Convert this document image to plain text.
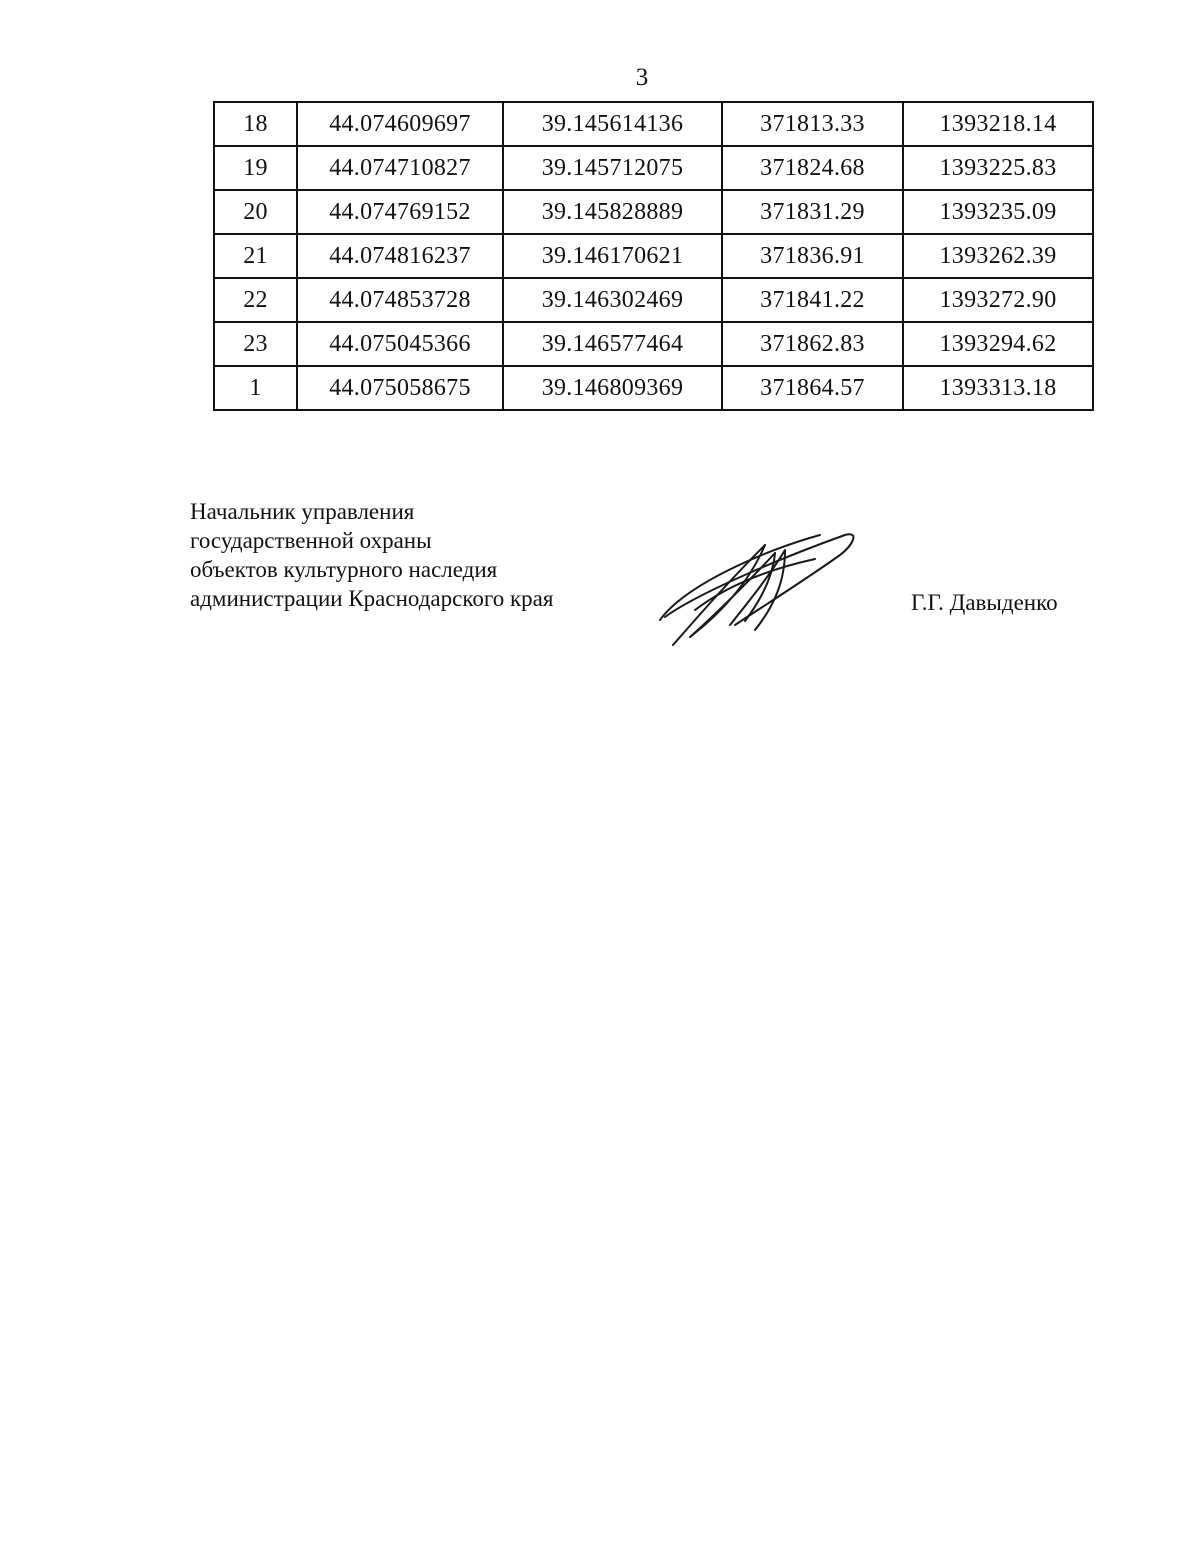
3
18	44.074609697	39.145614136	371813.33	1393218.14
19	44.074710827	39.145712075	371824.68	1393225.83
20	44.074769152	39.145828889	371831.29	1393235.09
21	44.074816237	39.146170621	371836.91	1393262.39
22	44.074853728	39.146302469	371841.22	1393272.90
23	44.075045366	39.146577464	371862.83	1393294.62
1	44.075058675	39.146809369	371864.57	1393313.18
Начальник управления
государственной охраны
объектов культурного наследия
администрации Краснодарского края	Г.Г. Давыденко
